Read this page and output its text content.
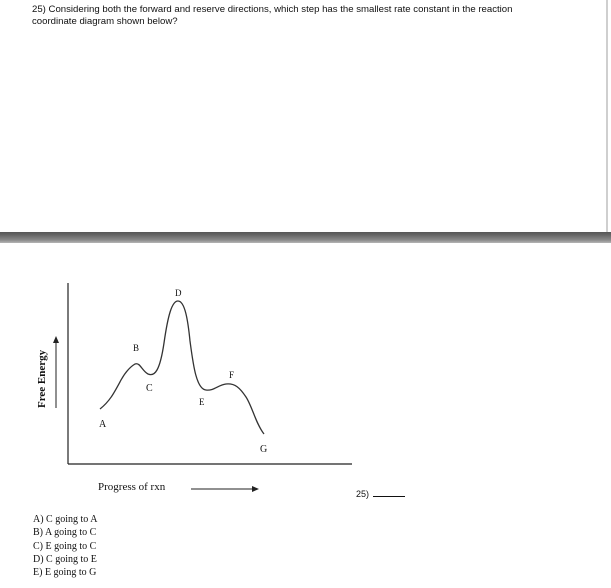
25) Considering both the forward and reserve directions, which step has the smallest rate constant in the reaction coordinate diagram shown below?
Free Energy
Progress of rxn
A
B
C
D
E
F
G
25)
A) C going to A
B) A going to C
C) E going to C
D) C going to E
E) E going to G
